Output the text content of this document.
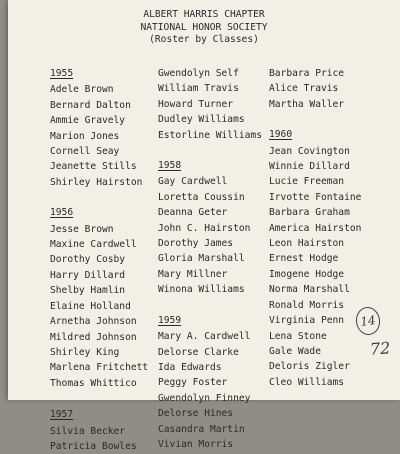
ALBERT HARRIS CHAPTER
NATIONAL HONOR SOCIETY
(Roster by Classes)
1955
Adele Brown
Bernard Dalton
Ammie Gravely
Marion Jones
Cornell Seay
Jeanette Stills
Shirley Hairston
1956
Jesse Brown
Maxine Cardwell
Dorothy Cosby
Harry Dillard
Shelby Hamlin
Elaine Holland
Arnetha Johnson
Mildred Johnson
Shirley King
Marlena Fritchett
Thomas Whittico
1957
Silvia Becker
Patricia Bowles
Gwendolyn Self
William Travis
Howard Turner
Dudley Williams
Estorline Williams
1958
Gay Cardwell
Loretta Coussin
Deanna Geter
John C. Hairston
Dorothy James
Gloria Marshall
Mary Millner
Winona Williams
1959
Mary A. Cardwell
Delorse Clarke
Ida Edwards
Peggy Foster
Gwendolyn Finney
Delorse Hines
Casandra Martin
Vivian Morris
Barbara Price
Alice Travis
Martha Waller
1960
Jean Covington
Winnie Dillard
Lucie Freeman
Irvotte Fontaine
Barbara Graham
America Hairston
Leon Hairston
Ernest Hodge
Imogene Hodge
Norma Marshall
Ronald Morris
Virginia Penn
Lena Stone
Gale Wade
Deloris Zigler
Cleo Williams
14
72
